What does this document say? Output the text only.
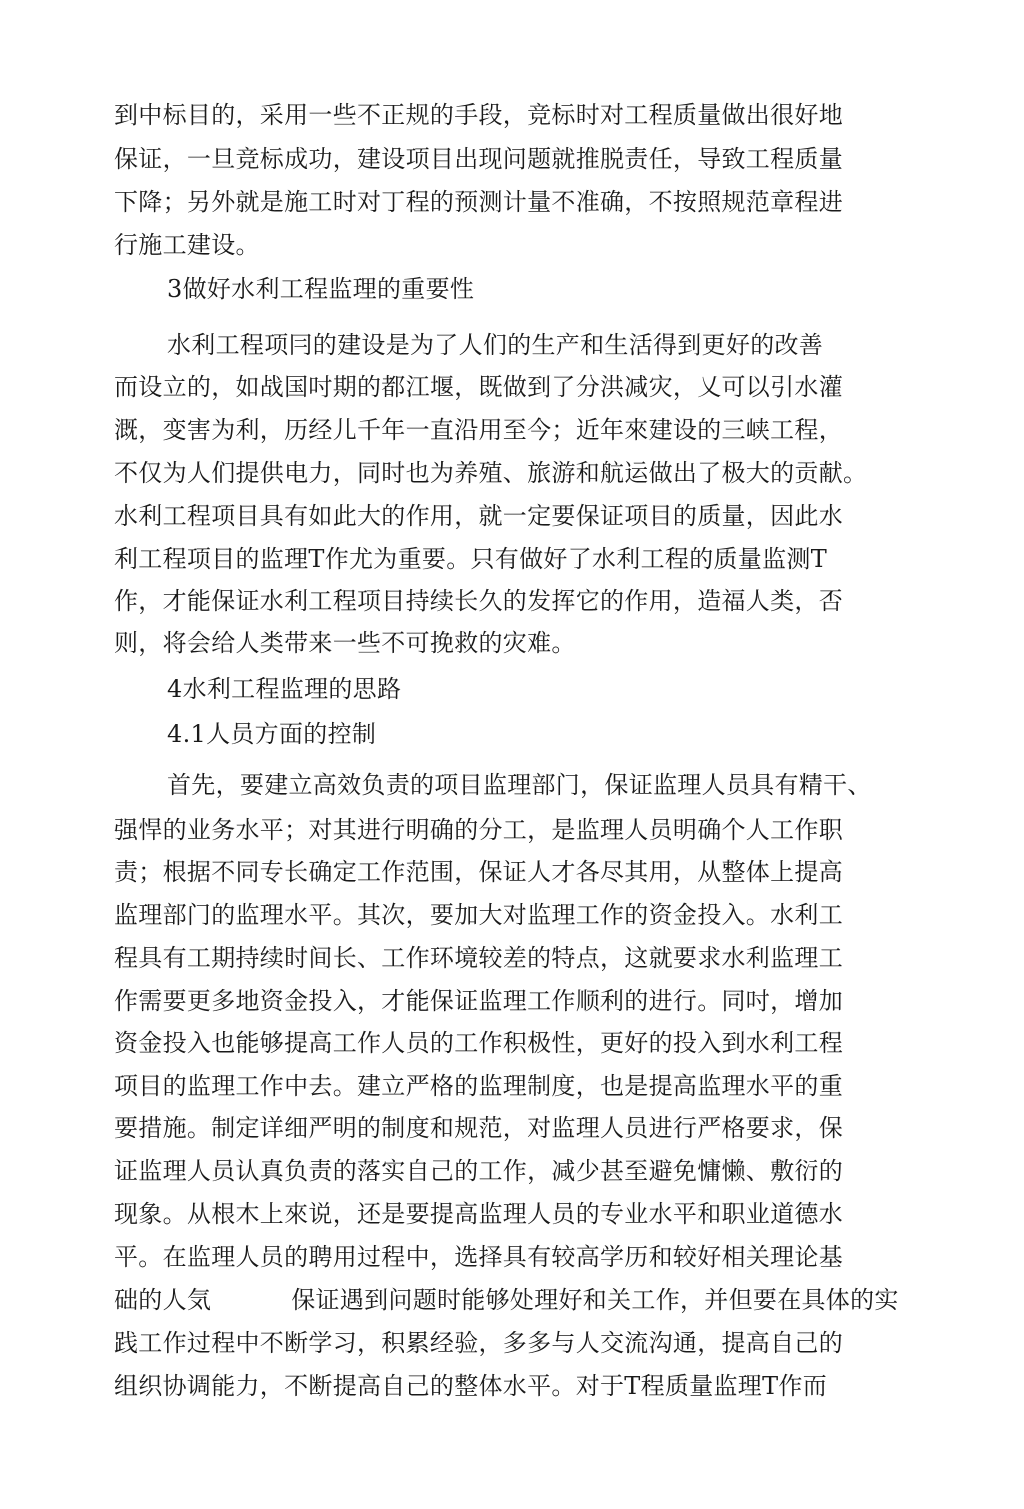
到中标目的，采用一些不正规的手段，竞标时对工程质量做出很好地
保证，一旦竞标成功，建设项目出现问题就推脱责任，导致工程质量
下降；另外就是施工时对丁程的预测计量不准确，不按照规范章程进
行施工建设。
3做好水利工程监理的重要性
水利工程项冃的建设是为了人们的生产和生活得到更好的改善
而设立的，如战国吋期的都江堰，既做到了分洪减灾，乂可以引水灌
溉，变害为利，历经儿千年一直沿用至今；近年來建设的三峡工程，
不仅为人们提供电力，同时也为养殖、旅游和航运做出了极大的贡献。
水利工程项目具有如此大的作用，就一定要保证项目的质量，因此水
利工程项目的监理T作尤为重要。只有做好了水利工程的质量监测T
作，才能保证水利工程项目持续长久的发挥它的作用，造福人类，否
则，将会给人类带来一些不可挽救的灾难。
4水利工程监理的思路
4.1人员方面的控制
首先，要建立高效负责的项目监理部门，保证监理人员具有精干、
强悍的业务水平；对其进行明确的分工，是监理人员明确个人工作职
责；根据不同专长确定工作范围，保证人才各尽其用，从整体上提高
监理部门的监理水平。其次，要加大对监理工作的资金投入。水利工
程具有工期持续时间长、工作环境较差的特点，这就要求水利监理工
作需要更多地资金投入，才能保证监理工作顺利的进行。同吋，增加
资金投入也能够提高工作人员的工作积极性，更好的投入到水利工程
项目的监理工作中去。建立严格的监理制度，也是提高监理水平的重
要措施。制定详细严明的制度和规范，对监理人员进行严格要求，保
证监理人员认真负责的落实自己的工作，减少甚至避免慵懒、敷衍的
现象。从根木上來说，还是要提高监理人员的专业水平和职业道德水
平。在监理人员的聘用过程中，选择具有较高学历和较好相关理论基
础的人気	保证遇到问题时能够处理好和关工作，并但要在具体的实
践工作过程中不断学习，积累经验，多多与人交流沟通，提高自己的
组织协调能力，不断提高自己的整体水平。对于T程质量监理T作而
